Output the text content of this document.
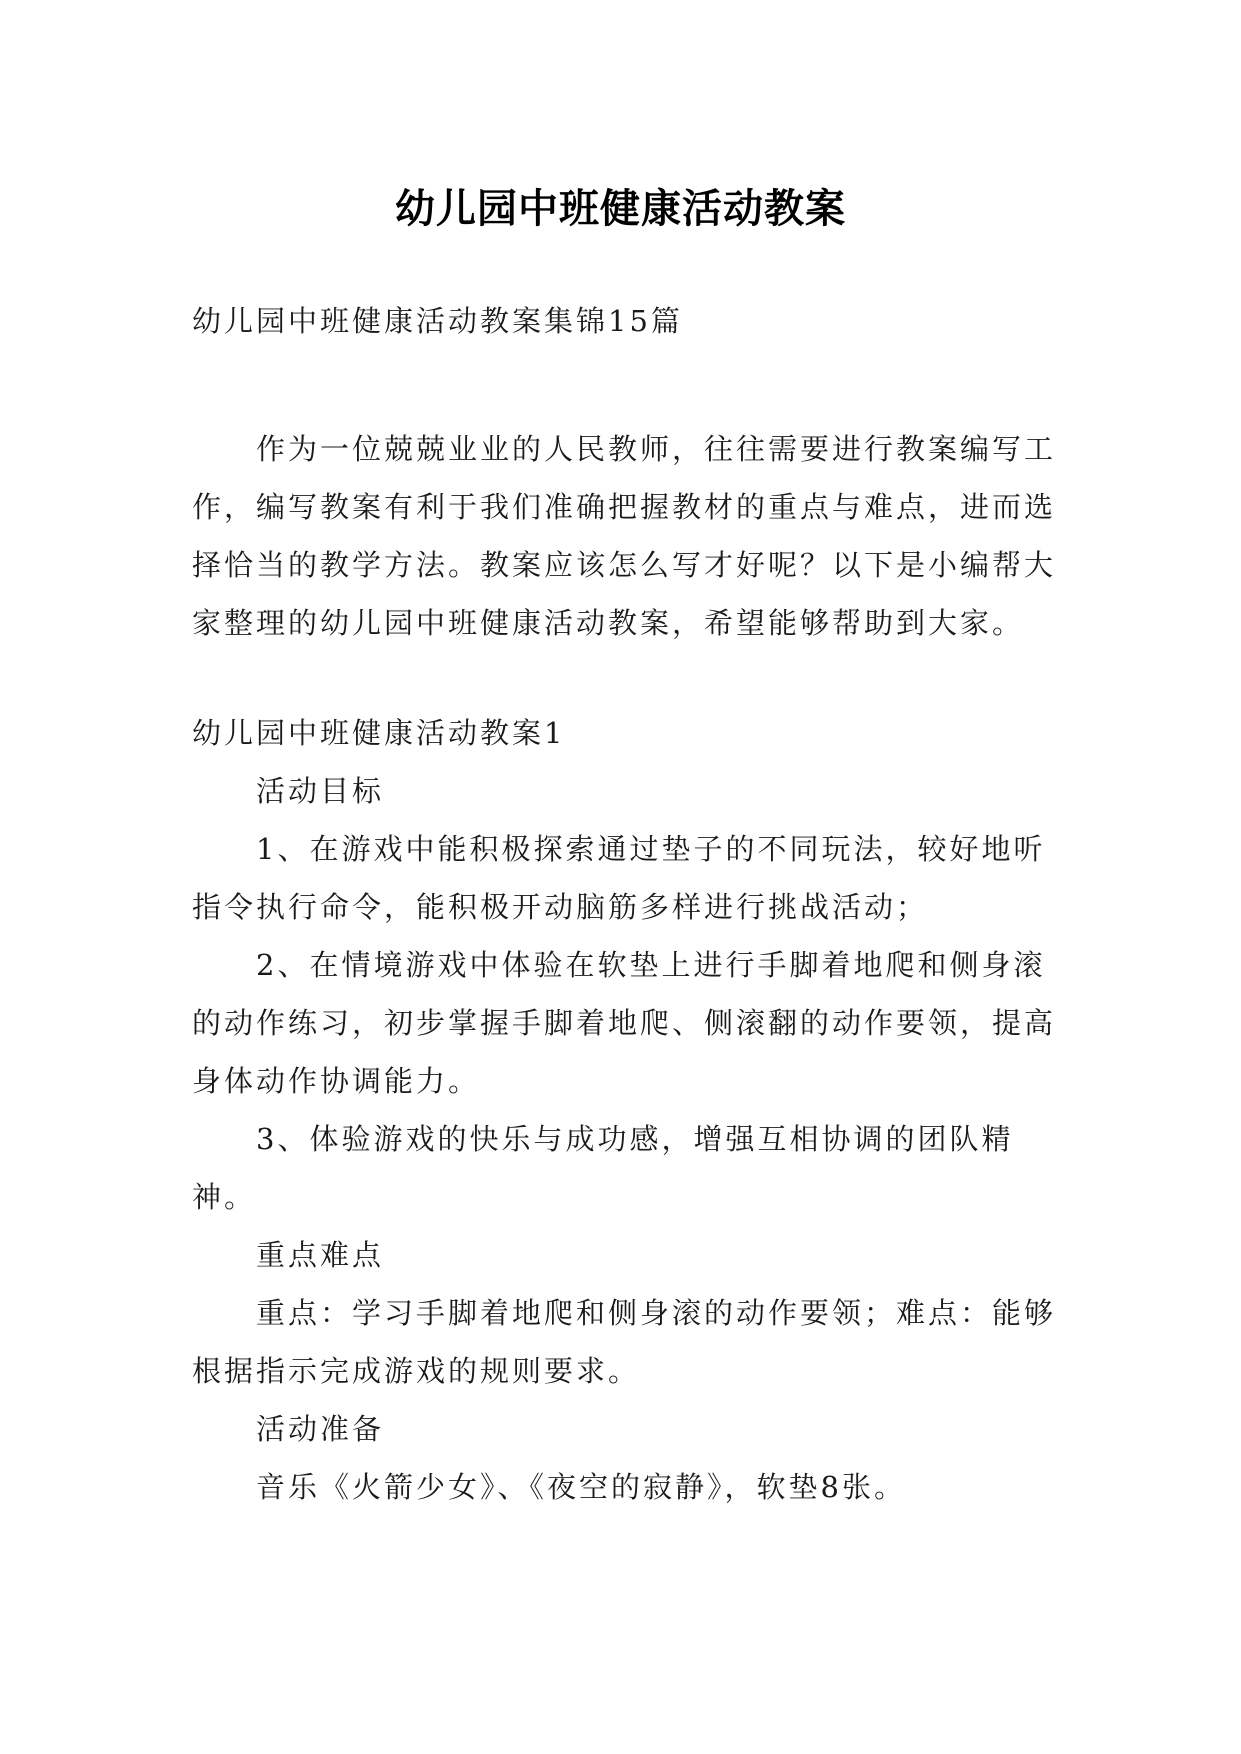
幼儿园中班健康活动教案

幼儿园中班健康活动教案集锦15篇

作为一位兢兢业业的人民教师，往往需要进行教案编写工作，编写教案有利于我们准确把握教材的重点与难点，进而选择恰当的教学方法。教案应该怎么写才好呢？以下是小编帮大家整理的幼儿园中班健康活动教案，希望能够帮助到大家。

幼儿园中班健康活动教案1

活动目标

1、在游戏中能积极探索通过垫子的不同玩法，较好地听指令执行命令，能积极开动脑筋多样进行挑战活动；

2、在情境游戏中体验在软垫上进行手脚着地爬和侧身滚的动作练习，初步掌握手脚着地爬、侧滚翻的动作要领，提高身体动作协调能力。

3、体验游戏的快乐与成功感，增强互相协调的团队精神。

重点难点

重点：学习手脚着地爬和侧身滚的动作要领；难点：能够根据指示完成游戏的规则要求。

活动准备

音乐《火箭少女》、《夜空的寂静》，软垫8张。
